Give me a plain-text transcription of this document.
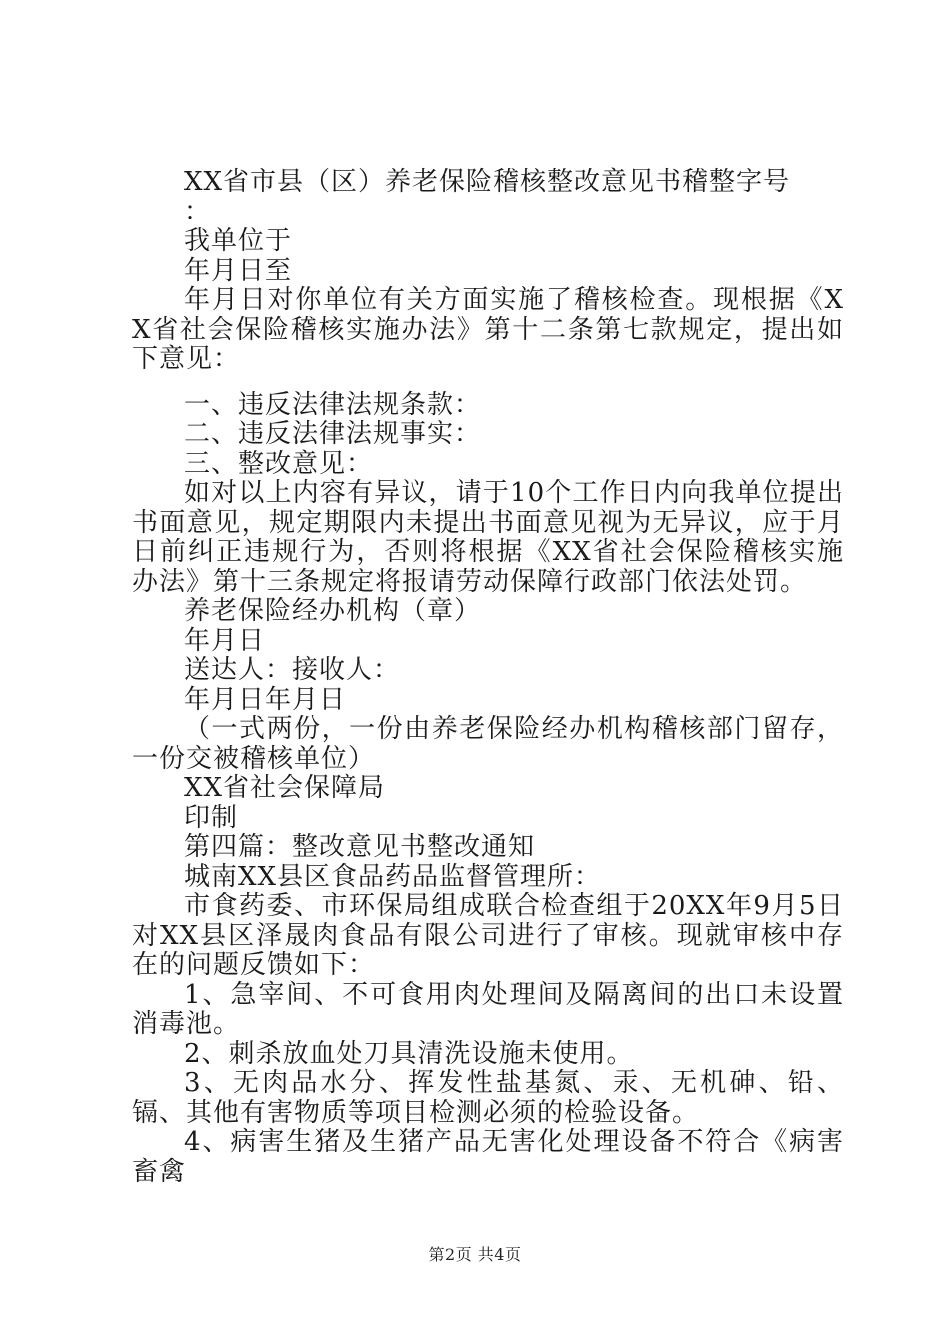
XX省市县（区）养老保险稽核整改意见书稽整字号

：

我单位于

年月日至

年月日对你单位有关方面实施了稽核检查。现根据《XX省社会保险稽核实施办法》第十二条第七款规定，提出如下意见：

一、违反法律法规条款：

二、违反法律法规事实：

三、整改意见：

如对以上内容有异议，请于10个工作日内向我单位提出书面意见，规定期限内未提出书面意见视为无异议，应于月日前纠正违规行为，否则将根据《XX省社会保险稽核实施办法》第十三条规定将报请劳动保障行政部门依法处罚。

养老保险经办机构（章）

年月日

送达人：接收人：

年月日年月日

（一式两份，一份由养老保险经办机构稽核部门留存，一份交被稽核单位）

XX省社会保障局

印制

第四篇：整改意见书整改通知

城南XX县区食品药品监督管理所：

市食药委、市环保局组成联合检查组于20XX年9月5日对XX县区泽晟肉食品有限公司进行了审核。现就审核中存在的问题反馈如下：

1、急宰间、不可食用肉处理间及隔离间的出口未设置消毒池。

2、刺杀放血处刀具清洗设施未使用。

3、无肉品水分、挥发性盐基氮、汞、无机砷、铅、镉、其他有害物质等项目检测必须的检验设备。

4、病害生猪及生猪产品无害化处理设备不符合《病害畜禽

第2页 共4页
